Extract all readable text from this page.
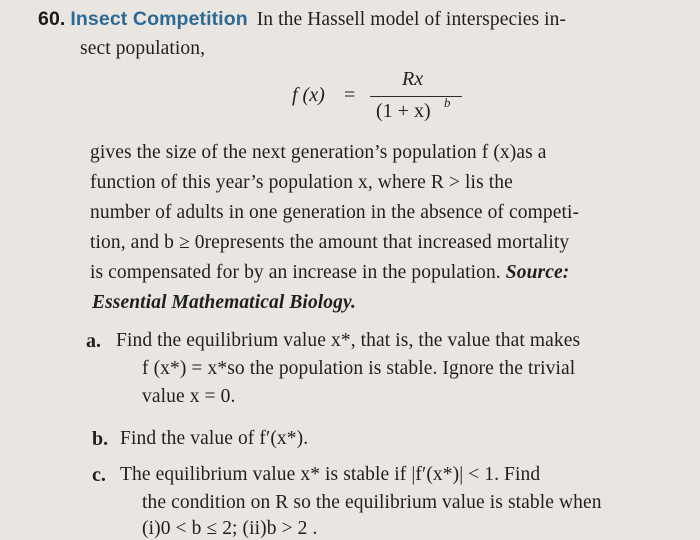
60. Insect Competition In the Hassell model of interspecies in-
sect population,
f (x) =
Rx
(1 + x) b
gives the size of the next generation’s population f (x)as a
function of this year’s population x, where R > lis the
number of adults in one generation in the absence of competi-
tion, and b ≥ 0represents the amount that increased mortality
is compensated for by an increase in the population. Source:
Essential Mathematical Biology.
a. Find the equilibrium value x*, that is, the value that makes
f (x*) = x*so the population is stable. Ignore the trivial
value x = 0.
b. Find the value of f′(x*).
c. The equilibrium value x* is stable if |f′(x*)| < 1. Find
the condition on R so the equilibrium value is stable when
(i)0 < b ≤ 2; (ii)b > 2 .
